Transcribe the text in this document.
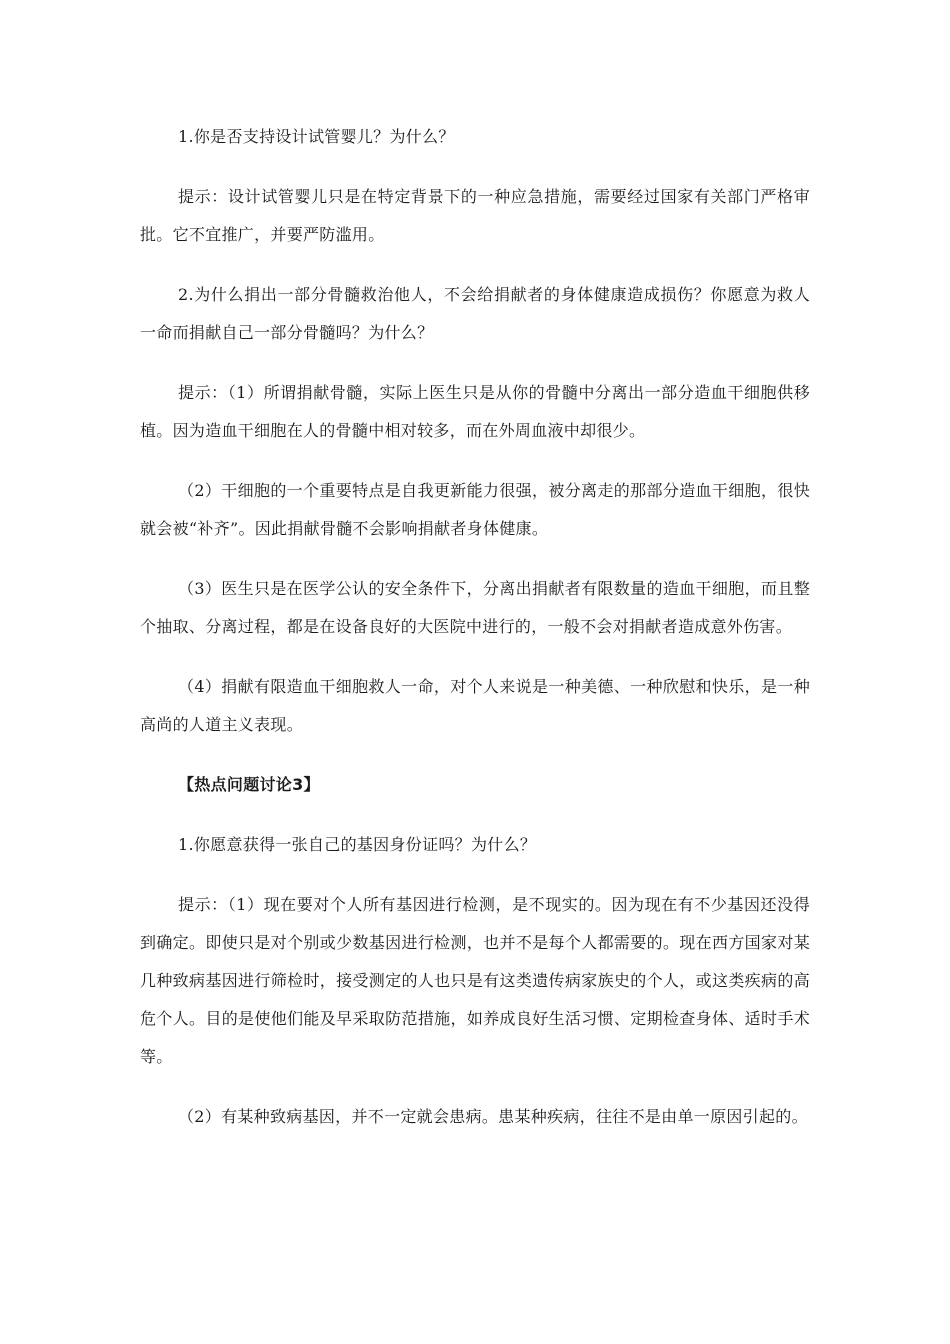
1.你是否支持设计试管婴儿？为什么？

提示：设计试管婴儿只是在特定背景下的一种应急措施，需要经过国家有关部门严格审批。它不宜推广，并要严防滥用。

2.为什么捐出一部分骨髓救治他人，不会给捐献者的身体健康造成损伤？你愿意为救人一命而捐献自己一部分骨髓吗？为什么？

提示：（1）所谓捐献骨髓，实际上医生只是从你的骨髓中分离出一部分造血干细胞供移植。因为造血干细胞在人的骨髓中相对较多，而在外周血液中却很少。

（2）干细胞的一个重要特点是自我更新能力很强，被分离走的那部分造血干细胞，很快就会被“补齐”。因此捐献骨髓不会影响捐献者身体健康。

（3）医生只是在医学公认的安全条件下，分离出捐献者有限数量的造血干细胞，而且整个抽取、分离过程，都是在设备良好的大医院中进行的，一般不会对捐献者造成意外伤害。

（4）捐献有限造血干细胞救人一命，对个人来说是一种美德、一种欣慰和快乐，是一种高尚的人道主义表现。

【热点问题讨论3】

1.你愿意获得一张自己的基因身份证吗？为什么？

提示：（1）现在要对个人所有基因进行检测，是不现实的。因为现在有不少基因还没得到确定。即使只是对个别或少数基因进行检测，也并不是每个人都需要的。现在西方国家对某几种致病基因进行筛检时，接受测定的人也只是有这类遗传病家族史的个人，或这类疾病的高危个人。目的是使他们能及早采取防范措施，如养成良好生活习惯、定期检查身体、适时手术等。

（2）有某种致病基因，并不一定就会患病。患某种疾病，往往不是由单一原因引起的。
